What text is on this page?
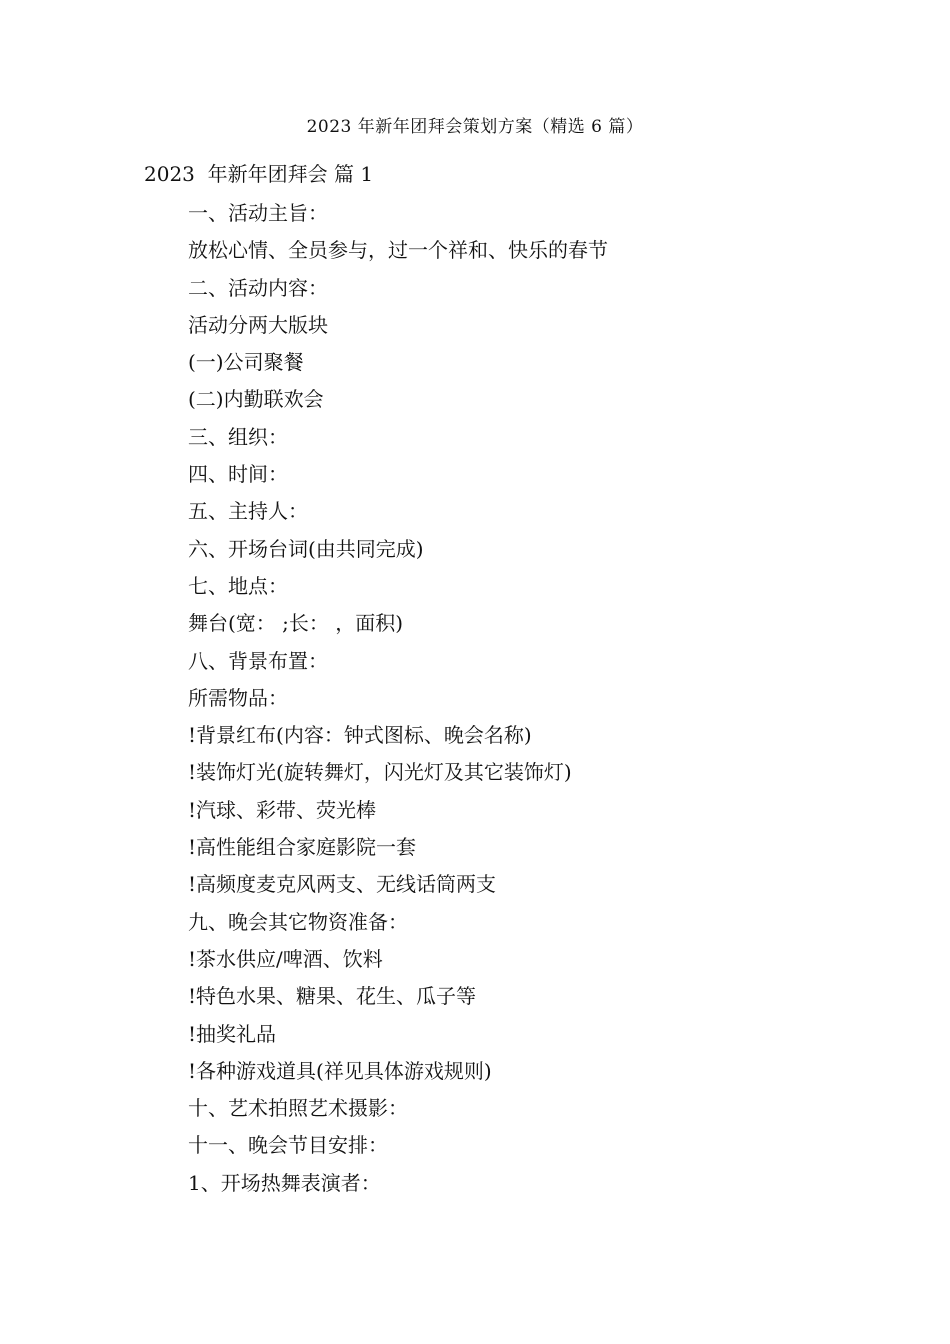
2023 年新年团拜会策划方案（精选 6 篇）
2023  年新年团拜会 篇 1
一、活动主旨：
放松心情、全员参与，过一个祥和、快乐的春节
二、活动内容：
活动分两大版块
(一)公司聚餐
(二)内勤联欢会
三、组织：
四、时间：
五、主持人：
六、开场台词(由共同完成)
七、地点：
舞台(宽： ;长： ，面积)
八、背景布置：
所需物品：
!背景红布(内容：钟式图标、晚会名称)
!装饰灯光(旋转舞灯，闪光灯及其它装饰灯)
!汽球、彩带、荧光棒
!高性能组合家庭影院一套
!高频度麦克风两支、无线话筒两支
九、晚会其它物资准备：
!茶水供应/啤酒、饮料
!特色水果、糖果、花生、瓜子等
!抽奖礼品
!各种游戏道具(祥见具体游戏规则)
十、艺术拍照艺术摄影：
十一、晚会节目安排：
1、开场热舞表演者：
